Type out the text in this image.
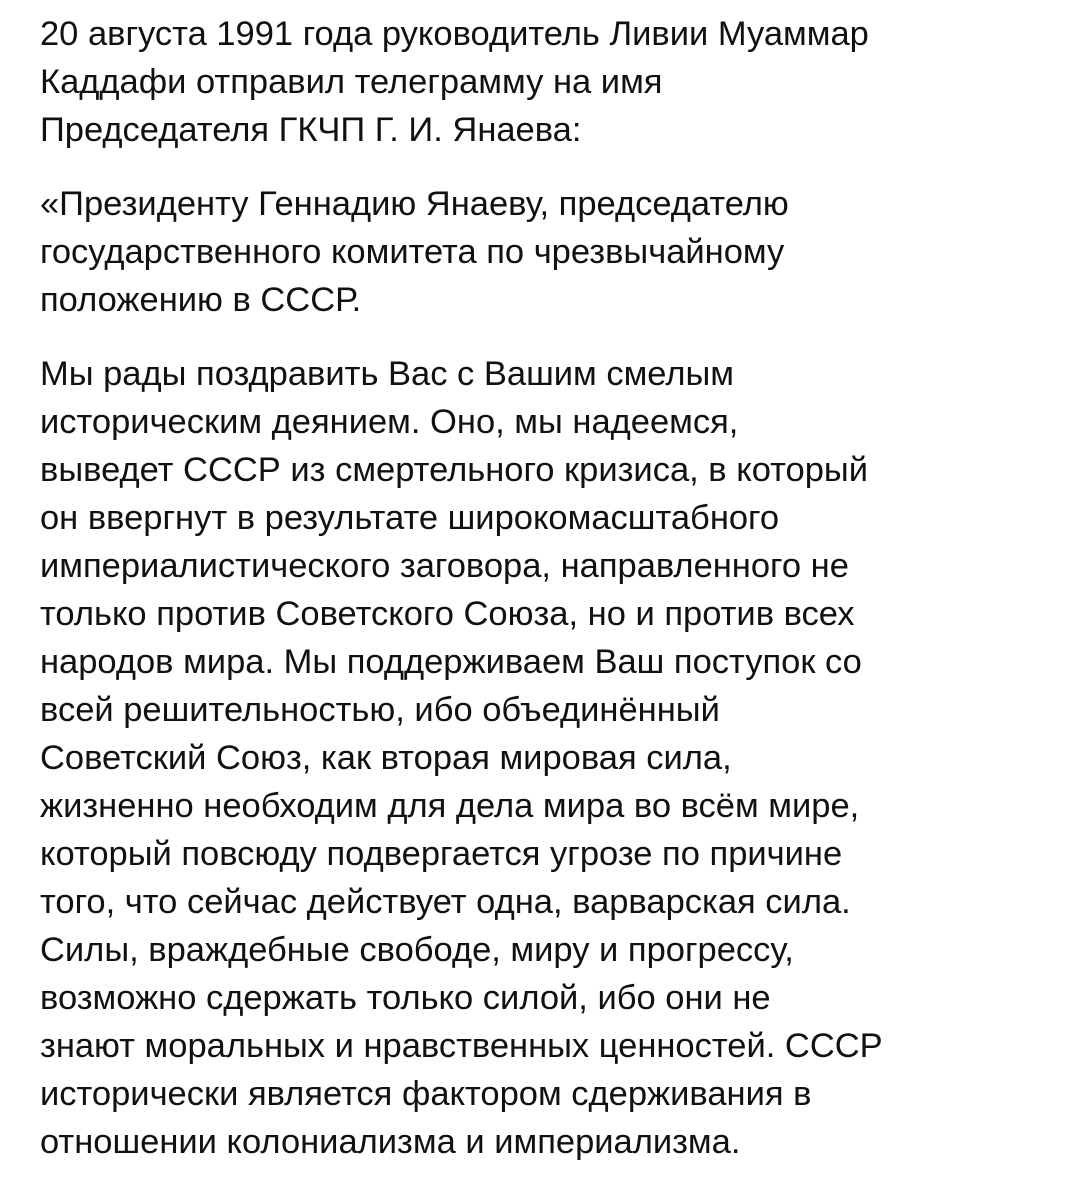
20 августа 1991 года руководитель Ливии Муаммар
Каддафи отправил телеграмму на имя
Председателя ГКЧП Г. И. Янаева:

«Президенту Геннадию Янаеву, председателю
государственного комитета по чрезвычайному
положению в СССР.

Мы рады поздравить Вас с Вашим смелым
историческим деянием. Оно, мы надеемся,
выведет СССР из смертельного кризиса, в который
он ввергнут в результате широкомасштабного
империалистического заговора, направленного не
только против Советского Союза, но и против всех
народов мира. Мы поддерживаем Ваш поступок со
всей решительностью, ибо объединённый
Советский Союз, как вторая мировая сила,
жизненно необходим для дела мира во всём мире,
который повсюду подвергается угрозе по причине
того, что сейчас действует одна, варварская сила.
Силы, враждебные свободе, миру и прогрессу,
возможно сдержать только силой, ибо они не
знают моральных и нравственных ценностей. СССР
исторически является фактором сдерживания в
отношении колониализма и империализма.
